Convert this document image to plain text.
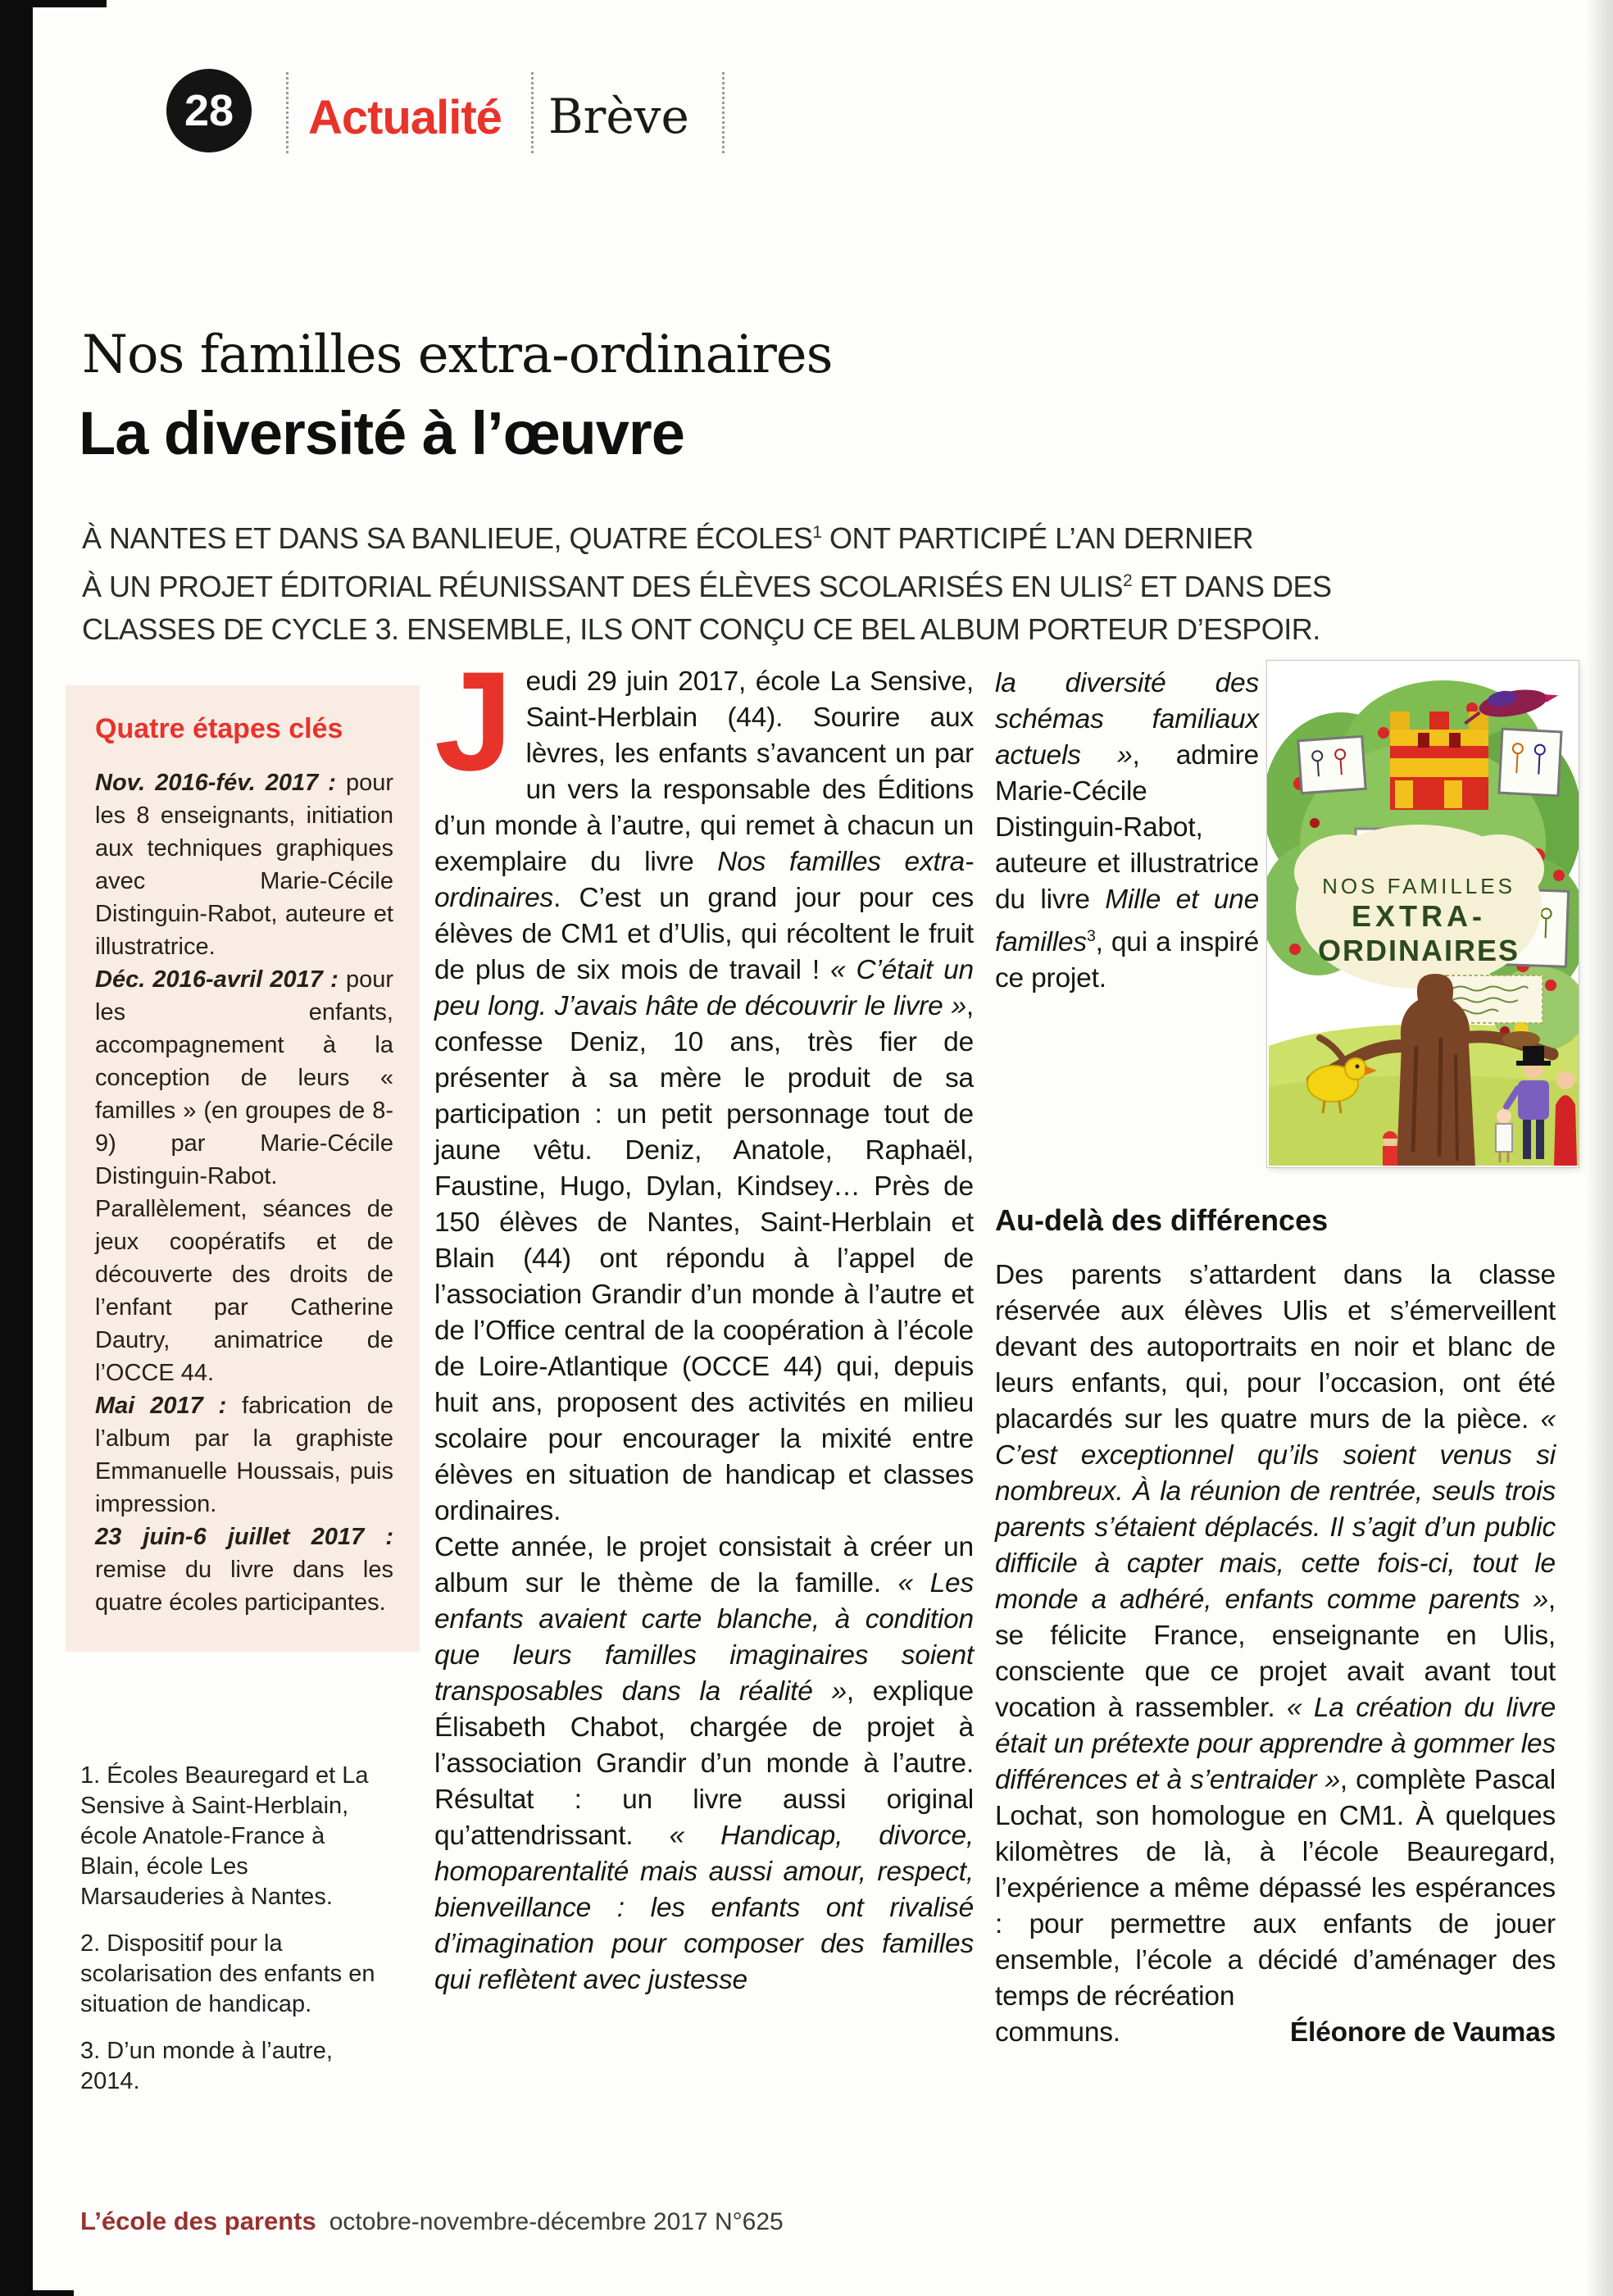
28 Actualité Brève
Nos familles extra-ordinaires
La diversité à l’œuvre
À NANTES ET DANS SA BANLIEUE, QUATRE ÉCOLES$^1$ ONT PARTICIPÉ L’AN DERNIER
À UN PROJET ÉDITORIAL RÉUNISSANT DES ÉLÈVES SCOLARISÉS EN ULIS$^2$ ET DANS DES
CLASSES DE CYCLE 3. ENSEMBLE, ILS ONT CONÇU CE BEL ALBUM PORTEUR D’ESPOIR.
Quatre étapes clés

Nov. 2016-fév. 2017 : pour les 8 enseignants, initiation aux techniques graphiques avec Marie-Cécile Distinguin-Rabot, auteure et illustratrice.

Déc. 2016-avril 2017 : pour les enfants, accompagnement à la conception de leurs « familles » (en groupes de 8-9) par Marie-Cécile Distinguin-Rabot. Parallèlement, séances de jeux coopératifs et de découverte des droits de l’enfant par Catherine Dautry, animatrice de l’OCCE 44.

Mai 2017 : fabrication de l’album par la graphiste Emmanuelle Houssais, puis impression.

23 juin-6 juillet 2017 : remise du livre dans les quatre écoles participantes.

1. Écoles Beauregard et La Sensive à Saint-Herblain, école Anatole-France à Blain, école Les Marsauderies à Nantes.

2. Dispositif pour la scolarisation des enfants en situation de handicap.

3. D’un monde à l’autre, 2014.

Jeudi 29 juin 2017, école La Sensive, Saint-Herblain (44). Sourire aux lèvres, les enfants s’avancent un par un vers la responsable des Éditions d’un monde à l’autre, qui remet à chacun un exemplaire du livre Nos familles extra-ordinaires. C’est un grand jour pour ces élèves de CM1 et d’Ulis, qui récoltent le fruit de plus de six mois de travail ! « C’était un peu long. J’avais hâte de découvrir le livre », confesse Deniz, 10 ans, très fier de présenter à sa mère le produit de sa participation : un petit personnage tout de jaune vêtu. Deniz, Anatole, Raphaël, Faustine, Hugo, Dylan, Kindsey… Près de 150 élèves de Nantes, Saint-Herblain et Blain (44) ont répondu à l’appel de l’association Grandir d’un monde à l’autre et de l’Office central de la coopération à l’école de Loire-Atlantique (OCCE 44) qui, depuis huit ans, proposent des activités en milieu scolaire pour encourager la mixité entre élèves en situation de handicap et classes ordinaires.

Cette année, le projet consistait à créer un album sur le thème de la famille. « Les enfants avaient carte blanche, à condition que leurs familles imaginaires soient transposables dans la réalité », explique Élisabeth Chabot, chargée de projet à l’association Grandir d’un monde à l’autre. Résultat : un livre aussi original qu’attendrissant. « Handicap, divorce, homoparentalité mais aussi amour, respect, bienveillance : les enfants ont rivalisé d’imagination pour composer des familles qui reflètent avec justesse

la diversité des schémas familiaux actuels », admire Marie-Cécile Distinguin-Rabot, auteure et illustratrice du livre Mille et une familles$^3$, qui a inspiré ce projet.
NOS FAMILLES
EXTRA-
ORDINAIRES
Au-delà des différences

Des parents s’attardent dans la classe réservée aux élèves Ulis et s’émerveillent devant des autoportraits en noir et blanc de leurs enfants, qui, pour l’occasion, ont été placardés sur les quatre murs de la pièce. « C’est exceptionnel qu’ils soient venus si nombreux. À la réunion de rentrée, seuls trois parents s’étaient déplacés. Il s’agit d’un public difficile à capter mais, cette fois-ci, tout le monde a adhéré, enfants comme parents », se félicite France, enseignante en Ulis, consciente que ce projet avait avant tout vocation à rassembler. « La création du livre était un prétexte pour apprendre à gommer les différences et à s’entraider », complète Pascal Lochat, son homologue en CM1. À quelques kilomètres de là, à l’école Beauregard, l’expérience a même dépassé les espérances : pour permettre aux enfants de jouer ensemble, l’école a décidé d’aménager des temps de récréation

communs.	Éléonore de Vaumas
L’école des parents octobre-novembre-décembre 2017 N°625
